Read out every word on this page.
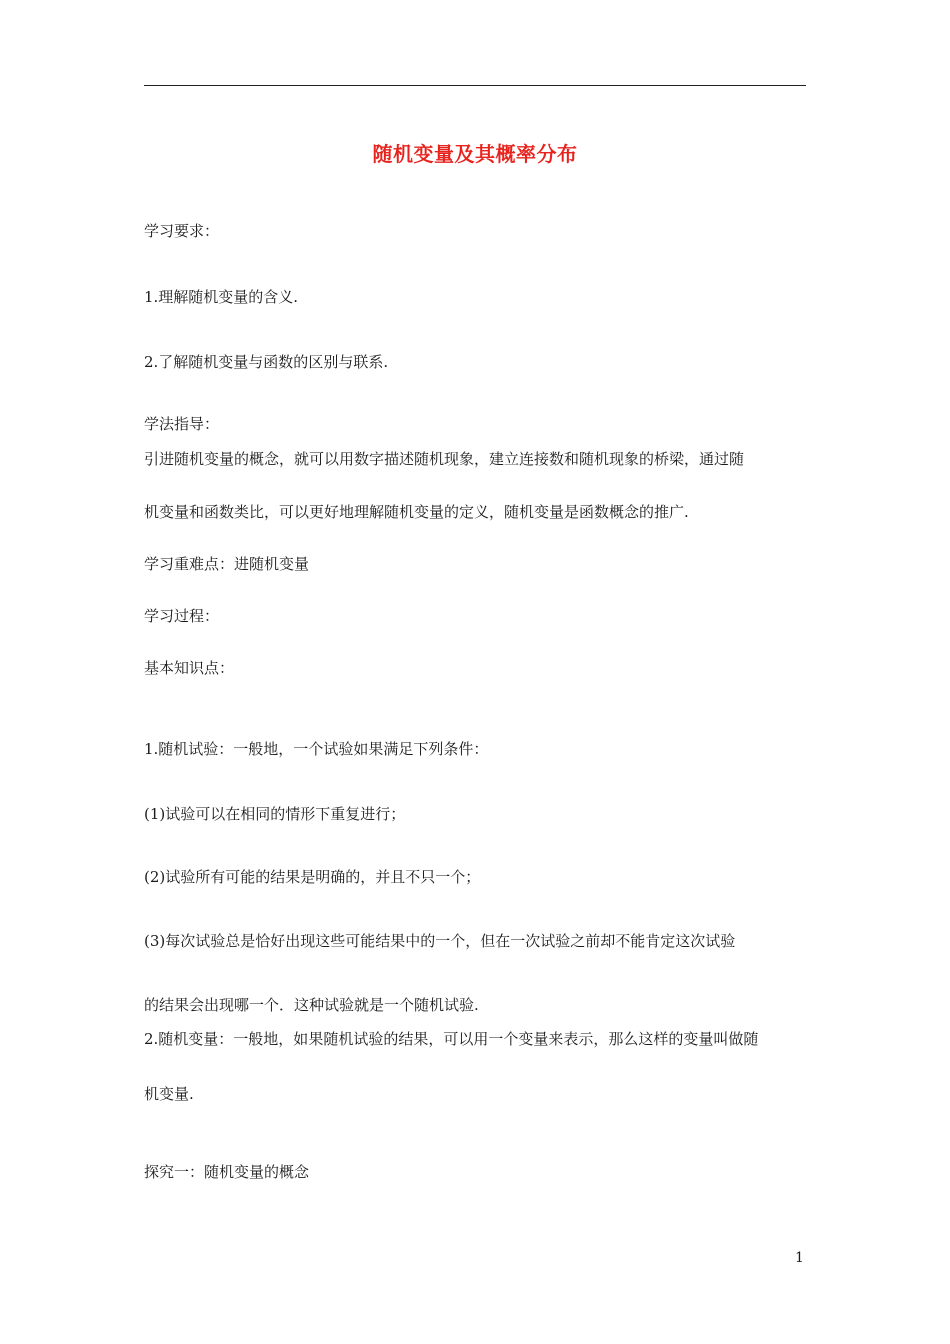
随机变量及其概率分布
学习要求：
1.理解随机变量的含义.
2.了解随机变量与函数的区别与联系.
学法指导：
引进随机变量的概念，就可以用数字描述随机现象，建立连接数和随机现象的桥梁，通过随
机变量和函数类比，可以更好地理解随机变量的定义，随机变量是函数概念的推广.
学习重难点：进随机变量
学习过程：
基本知识点：
1.随机试验：一般地，一个试验如果满足下列条件：
(1)试验可以在相同的情形下重复进行；
(2)试验所有可能的结果是明确的，并且不只一个；
(3)每次试验总是恰好出现这些可能结果中的一个，但在一次试验之前却不能肯定这次试验
的结果会出现哪一个．这种试验就是一个随机试验.
2.随机变量：一般地，如果随机试验的结果，可以用一个变量来表示，那么这样的变量叫做随
机变量.
探究一：随机变量的概念
1
